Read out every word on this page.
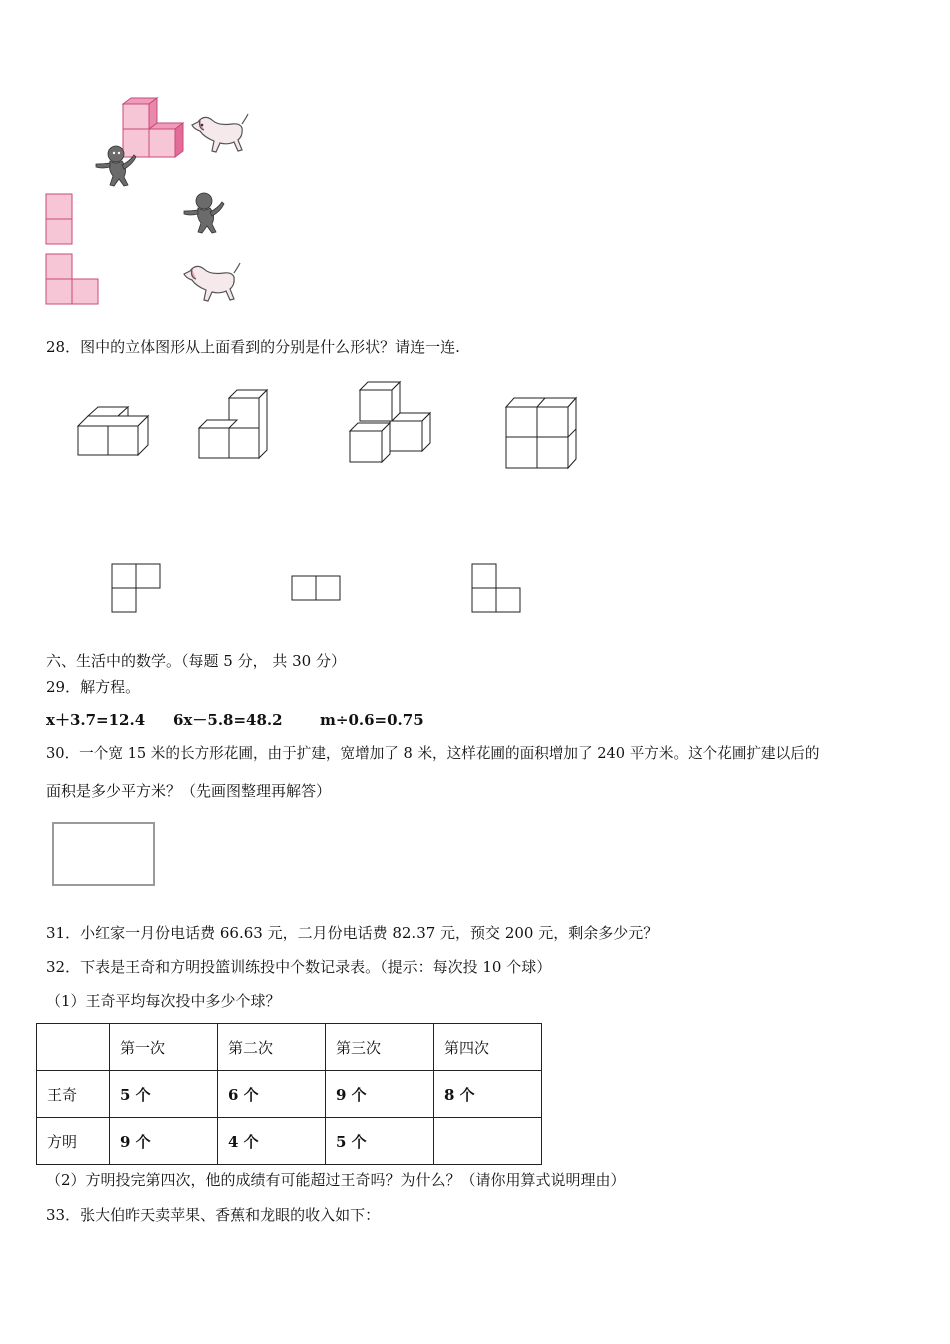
28．图中的立体图形从上面看到的分别是什么形状？请连一连.
六、生活中的数学。（每题 5 分， 共 30 分）
29．解方程。
x＋3.7=12.4 6x－5.8=48.2 m÷0.6=0.75
30．一个宽 15 米的长方形花圃，由于扩建，宽增加了 8 米，这样花圃的面积增加了 240 平方米。这个花圃扩建以后的
面积是多少平方米？（先画图整理再解答）
31．小红家一月份电话费 66.63 元，二月份电话费 82.37 元，预交 200 元，剩余多少元？
32．下表是王奇和方明投篮训练投中个数记录表。（提示：每次投 10 个球）
（1）王奇平均每次投中多少个球？
	第一次	第二次	第三次	第四次
王奇	5 个	6 个	9 个	8 个
方明	9 个	4 个	5 个	
（2）方明投完第四次，他的成绩有可能超过王奇吗？为什么？（请你用算式说明理由）
33．张大伯昨天卖苹果、香蕉和龙眼的收入如下：
